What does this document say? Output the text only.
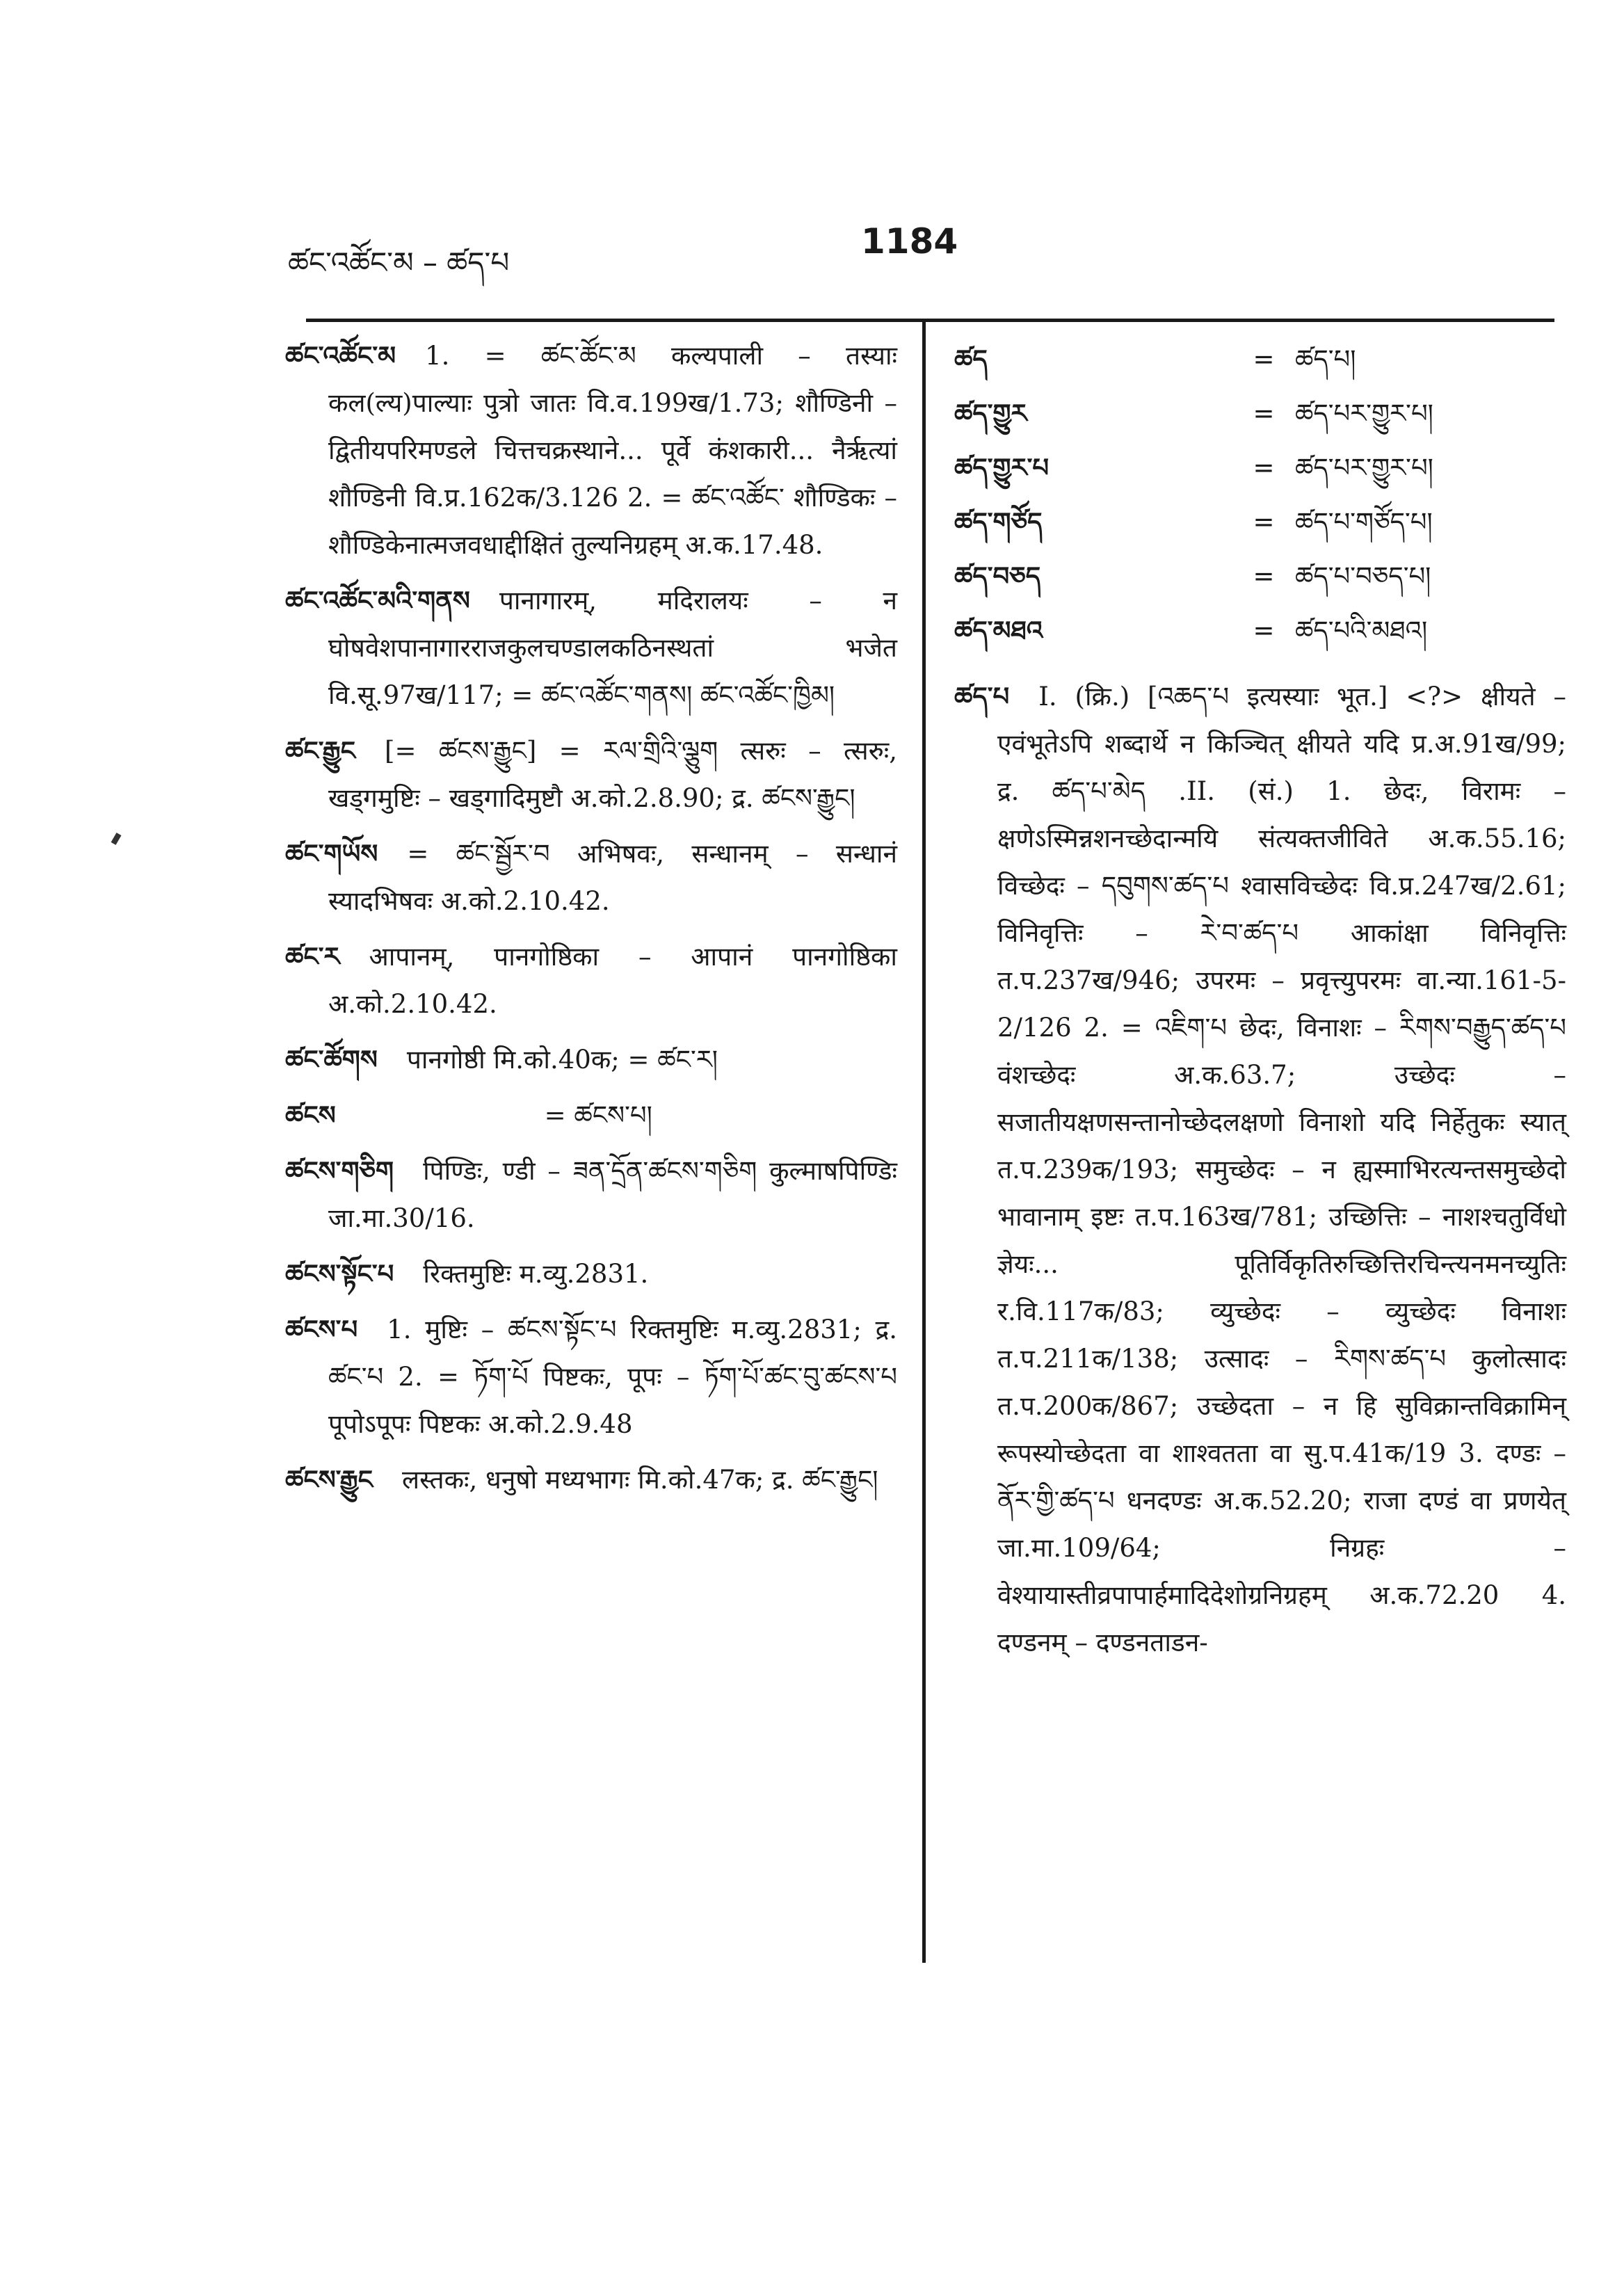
ཚང་འཚོང་མ – ཚད་པ
1184

ཚང་འཚོང་མ 1. = ཚང་ཚོང་མ कल्यपाली – तस्याः कल(ल्य)पाल्याः पुत्रो जातः वि.व.199ख/1.73; शौण्डिनी – द्वितीयपरिमण्डले चित्तचक्रस्थाने... पूर्वे कंशकारी... नैर्ऋत्यां शौण्डिनी वि.प्र.162क/3.126 2. = ཚང་འཚོང་ शौण्डिकः – शौण्डिकेनात्मजवधाद्दीक्षितं तुल्यनिग्रहम् अ.क.17.48.

ཚང་འཚོང་མའི་གནས पानागारम्, मदिरालयः – न घोषवेशपानागारराजकुलचण्डालकठिनस्थतां भजेत वि.सू.97ख/117; = ཚང་འཚོང་གནས། ཚང་འཚོང་ཁྱིམ།

ཚང་རྒྱུང [= ཚངས་རྒྱུང] = རལ་གྲིའི་ལྕུག त्सरुः – त्सरुः, खड्गमुष्टिः – खड्गादिमुष्टौ अ.को.2.8.90; द्र. ཚངས་རྒྱུང།

ཚང་གཡོས = ཚང་སྦྱོར་བ अभिषवः, सन्धानम् – सन्धानं स्यादभिषवः अ.को.2.10.42.

ཚང་ར आपानम्, पानगोष्ठिका – आपानं पानगोष्ठिका अ.को.2.10.42.

ཚང་ཚོགས पानगोष्ठी मि.को.40क; = ཚང་ར།

ཚངས	= ཚངས་པ།

ཚངས་གཅིག पिण्डिः, ण्डी – ཟན་དྲོན་ཚངས་གཅིག कुल्माषपिण्डिः जा.मा.30/16.

ཚངས་སྟོང་པ रिक्तमुष्टिः म.व्यु.2831.

ཚངས་པ 1. मुष्टिः – ཚངས་སྟོང་པ रिक्तमुष्टिः म.व्यु.2831; द्र. ཚང་པ 2. = ཏོག་པོ पिष्टकः, पूपः – ཏོག་པོ་ཚང་བུ་ཚངས་པ पूपोऽपूपः पिष्टकः अ.को.2.9.48

ཚངས་རྒྱུང लस्तकः, धनुषो मध्यभागः मि.को.47क; द्र. ཚང་རྒྱུང།

ཚད	=	ཚད་པ།
ཚད་གྱུར	=	ཚད་པར་གྱུར་པ།
ཚད་གྱུར་པ	=	ཚད་པར་གྱུར་པ།
ཚད་གཙོད	=	ཚད་པ་གཙོད་པ།
ཚད་བཅད	=	ཚད་པ་བཅད་པ།
ཚད་མཐའ	=	ཚད་པའི་མཐའ།

ཚད་པ I. (क्रि.) [འཆད་པ इत्यस्याः भूत.] <?> क्षीयते – एवंभूतेऽपि शब्दार्थे न किञ्चित् क्षीयते यदि प्र.अ.91ख/99; द्र. ཚད་པ་མེད .II. (सं.) 1. छेदः, विरामः – क्षणेऽस्मिन्नशनच्छेदान्मयि संत्यक्तजीविते अ.क.55.16; विच्छेदः – དབུགས་ཚད་པ श्वासविच्छेदः वि.प्र.247ख/2.61; विनिवृत्तिः – རེ་བ་ཚད་པ आकांक्षा विनिवृत्तिः त.प.237ख/946; उपरमः – प्रवृत्त्युपरमः वा.न्या.161-5-2/126 2. = འཇིག་པ छेदः, विनाशः – རིགས་བརྒྱུད་ཚད་པ वंशच्छेदः अ.क.63.7; उच्छेदः – सजातीयक्षणसन्तानोच्छेदलक्षणो विनाशो यदि निर्हेतुकः स्यात् त.प.239क/193; समुच्छेदः – न ह्यस्माभिरत्यन्तसमुच्छेदो भावानाम् इष्टः त.प.163ख/781; उच्छित्तिः – नाशश्चतुर्विधो ज्ञेयः... पूतिर्विकृतिरुच्छित्तिरचिन्त्यनमनच्युतिः र.वि.117क/83; व्युच्छेदः – व्युच्छेदः विनाशः त.प.211क/138; उत्सादः – རིགས་ཚད་པ कुलोत्सादः त.प.200क/867; उच्छेदता – न हि सुविक्रान्तविक्रामिन् रूपस्योच्छेदता वा शाश्वतता वा सु.प.41क/19 3. दण्डः – ནོར་གྱི་ཚད་པ धनदण्डः अ.क.52.20; राजा दण्डं वा प्रणयेत् जा.मा.109/64; निग्रहः – वेश्यायास्तीव्रपापार्हमादिदेशोग्रनिग्रहम् अ.क.72.20 4. दण्डनम् – दण्डनताडन-
